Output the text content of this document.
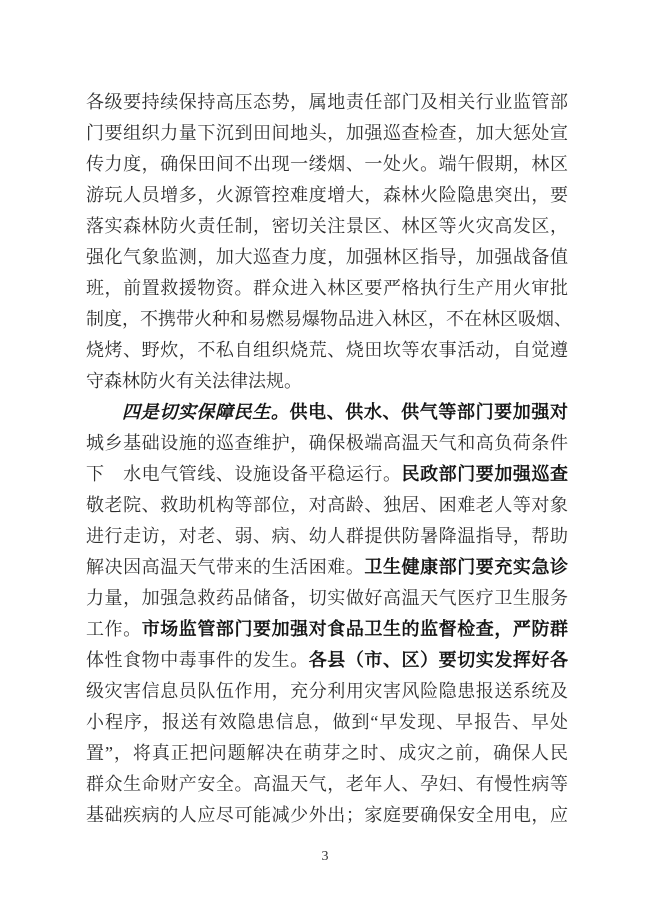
各级要持续保持高压态势，属地责任部门及相关行业监管部
门要组织力量下沉到田间地头，加强巡查检查，加大惩处宣
传力度，确保田间不出现一缕烟、一处火。端午假期，林区
游玩人员增多，火源管控难度增大，森林火险隐患突出，要
落实森林防火责任制，密切关注景区、林区等火灾高发区，
强化气象监测，加大巡查力度，加强林区指导，加强战备值
班，前置救援物资。群众进入林区要严格执行生产用火审批
制度，不携带火种和易燃易爆物品进入林区，不在林区吸烟、
烧烤、野炊，不私自组织烧荒、烧田坎等农事活动，自觉遵
守森林防火有关法律法规。
四是切实保障民生。供电、供水、供气等部门要加强对
城乡基础设施的巡查维护，确保极端高温天气和高负荷条件
下　水电气管线、设施设备平稳运行。民政部门要加强巡查
敬老院、救助机构等部位，对高龄、独居、困难老人等对象
进行走访，对老、弱、病、幼人群提供防暑降温指导，帮助
解决因高温天气带来的生活困难。卫生健康部门要充实急诊
力量，加强急救药品储备，切实做好高温天气医疗卫生服务
工作。市场监管部门要加强对食品卫生的监督检查，严防群
体性食物中毒事件的发生。各县（市、区）要切实发挥好各
级灾害信息员队伍作用，充分利用灾害风险隐患报送系统及
小程序，报送有效隐患信息，做到“早发现、早报告、早处
置”，将真正把问题解决在萌芽之时、成灾之前，确保人民
群众生命财产安全。高温天气，老年人、孕妇、有慢性病等
基础疾病的人应尽可能减少外出；家庭要确保安全用电，应
3
